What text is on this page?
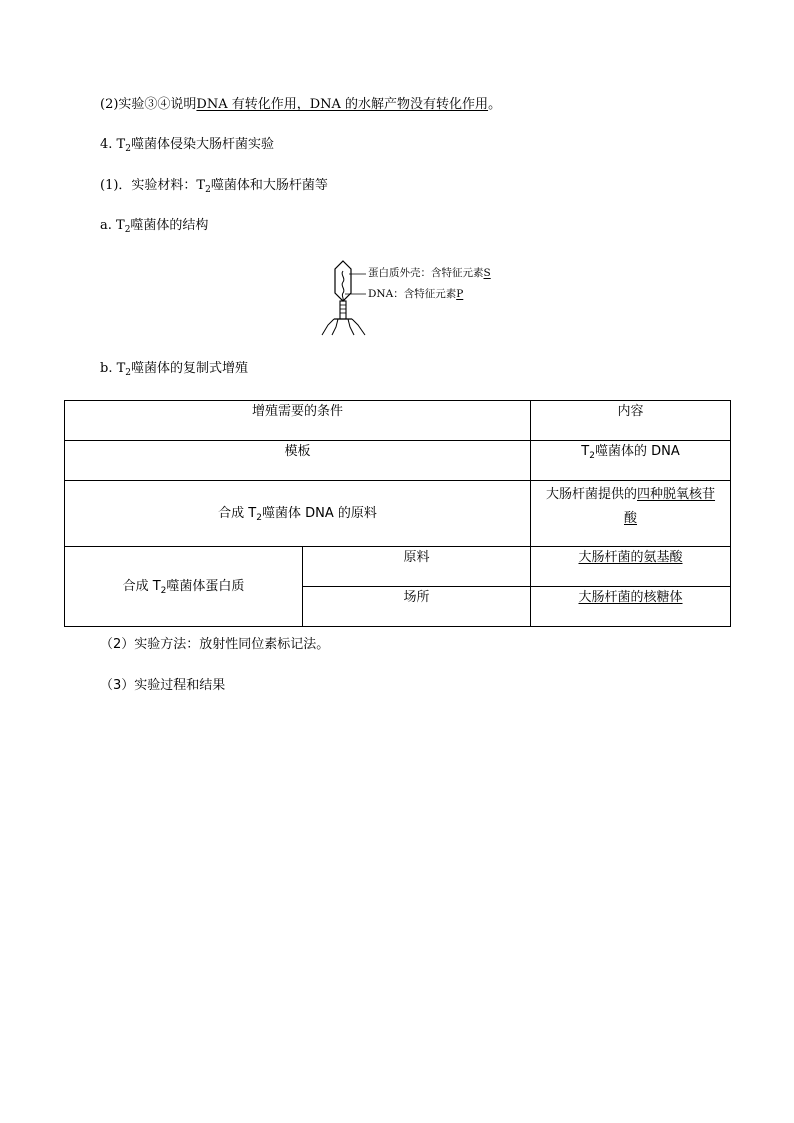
(2)实验③④说明DNA 有转化作用，DNA 的水解产物没有转化作用。
4. $T_2$噬菌体侵染大肠杆菌实验
(1)．实验材料：$T_2$噬菌体和大肠杆菌等
a. $T_2$噬菌体的结构
蛋白质外壳：含特征元素S
DNA：含特征元素P
b. $T_2$噬菌体的复制式增殖
增殖需要的条件		内容
模板		$T_2$噬菌体的 DNA
合成 $T_2$噬菌体 DNA 的原料		大肠杆菌提供的四种脱氧核苷
酸
合成 $T_2$噬菌体蛋白质	原料	大肠杆菌的氨基酸
	场所	大肠杆菌的核糖体
（2）实验方法：放射性同位素标记法。
（3）实验过程和结果
